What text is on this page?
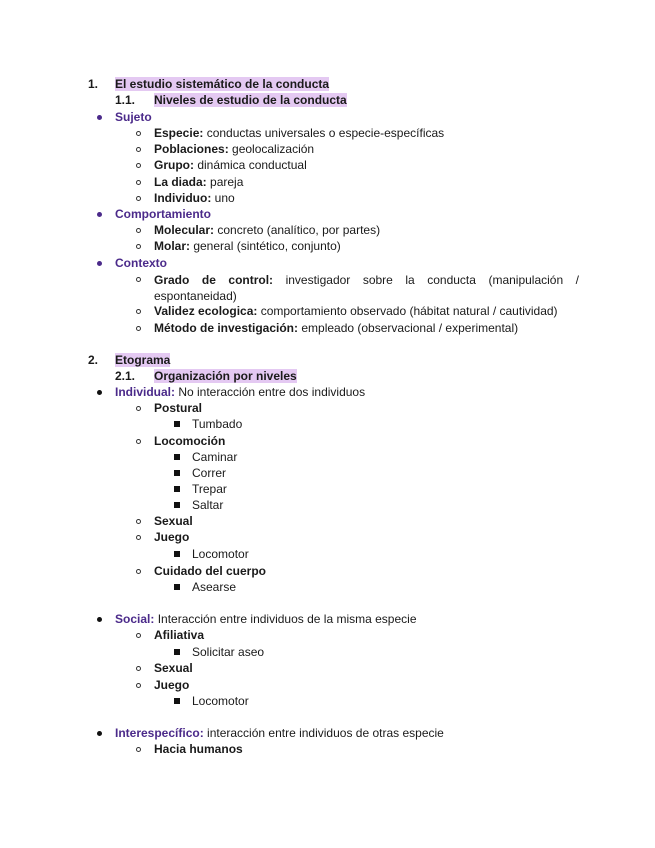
1. El estudio sistemático de la conducta
1.1. Niveles de estudio de la conducta
Sujeto
Especie: conductas universales o especie-específicas
Poblaciones: geolocalización
Grupo: dinámica conductual
La diada: pareja
Individuo: uno
Comportamiento
Molecular: concreto (analítico, por partes)
Molar: general (sintético, conjunto)
Contexto
Grado de control: investigador sobre la conducta (manipulación / espontaneidad)
Validez ecologica: comportamiento observado (hábitat natural / cautividad)
Método de investigación: empleado (observacional / experimental)
2. Etograma
2.1. Organización por niveles
Individual: No interacción entre dos individuos
Postural
Tumbado
Locomoción
Caminar
Correr
Trepar
Saltar
Sexual
Juego
Locomotor
Cuidado del cuerpo
Asearse
Social: Interacción entre individuos de la misma especie
Afiliativa
Solicitar aseo
Sexual
Juego
Locomotor
Interespecífico: interacción entre individuos de otras especie
Hacia humanos
